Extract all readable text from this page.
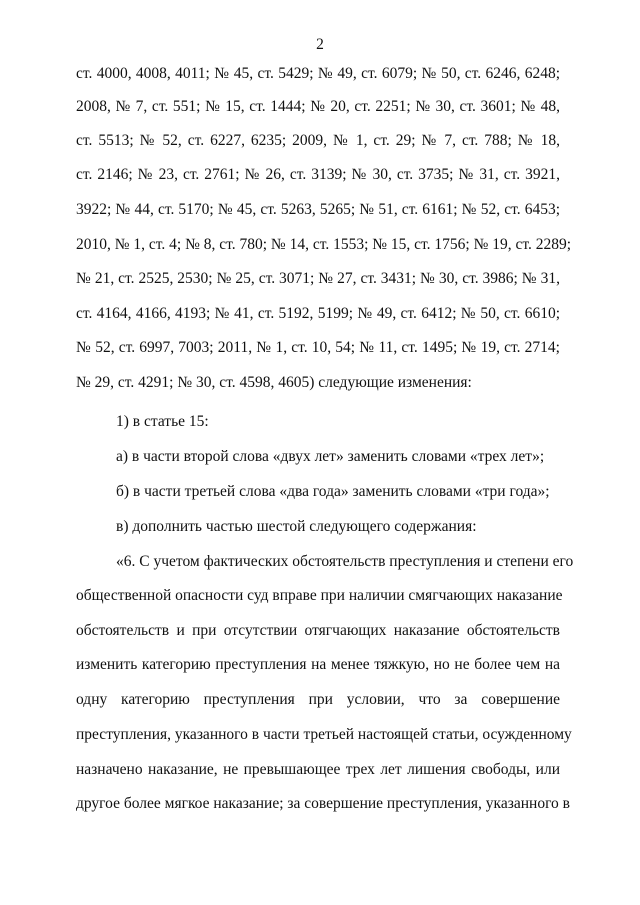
2
ст. 4000, 4008, 4011; № 45, ст. 5429; № 49, ст. 6079; № 50, ст. 6246, 6248;
2008, № 7, ст. 551; № 15, ст. 1444; № 20, ст. 2251; № 30, ст. 3601; № 48,
ст. 5513; № 52, ст. 6227, 6235; 2009, № 1, ст. 29; № 7, ст. 788; № 18,
ст. 2146; № 23, ст. 2761; № 26, ст. 3139; № 30, ст. 3735; № 31, ст. 3921,
3922; № 44, ст. 5170; № 45, ст. 5263, 5265; № 51, ст. 6161; № 52, ст. 6453;
2010, № 1, ст. 4; № 8, ст. 780; № 14, ст. 1553; № 15, ст. 1756; № 19, ст. 2289;
№ 21, ст. 2525, 2530; № 25, ст. 3071; № 27, ст. 3431; № 30, ст. 3986; № 31,
ст. 4164, 4166, 4193; № 41, ст. 5192, 5199; № 49, ст. 6412; № 50, ст. 6610;
№ 52, ст. 6997, 7003; 2011, № 1, ст. 10, 54; № 11, ст. 1495; № 19, ст. 2714;
№ 29, ст. 4291; № 30, ст. 4598, 4605) следующие изменения:
1) в статье 15:
а) в части второй слова «двух лет» заменить словами «трех лет»;
б) в части третьей слова «два года» заменить словами «три года»;
в) дополнить частью шестой следующего содержания:
«6. С учетом фактических обстоятельств преступления и степени его
общественной опасности суд вправе при наличии смягчающих наказание
обстоятельств и при отсутствии отягчающих наказание обстоятельств
изменить категорию преступления на менее тяжкую, но не более чем на
одну категорию преступления при условии, что за совершение
преступления, указанного в части третьей настоящей статьи, осужденному
назначено наказание, не превышающее трех лет лишения свободы, или
другое более мягкое наказание; за совершение преступления, указанного в
